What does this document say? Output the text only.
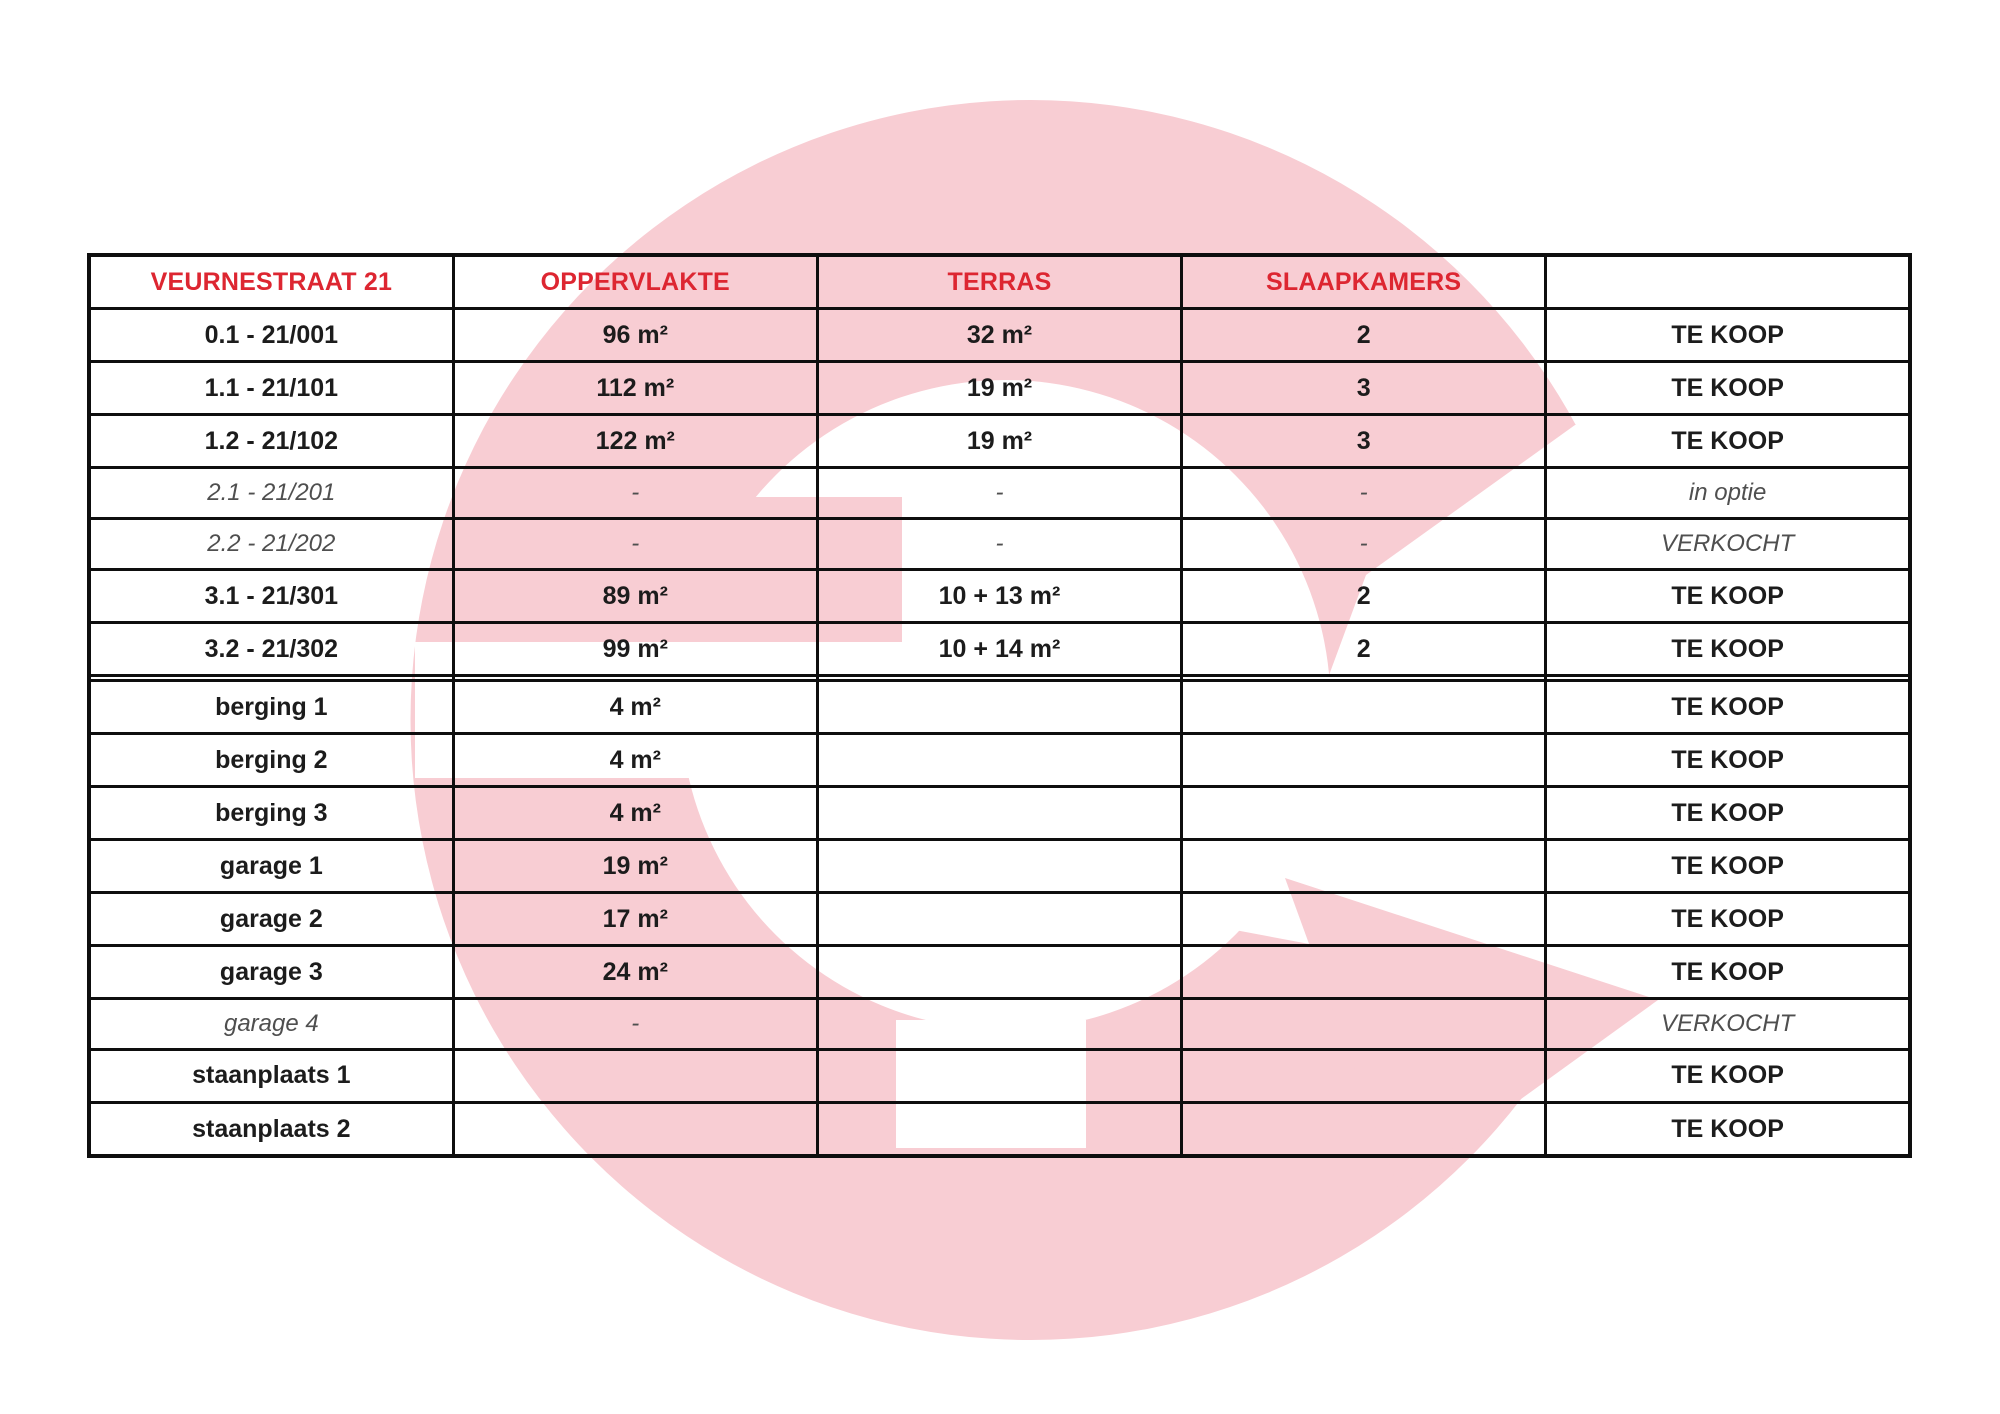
VEURNESTRAAT 21	OPPERVLAKTE	TERRAS	SLAAPKAMERS	
0.1 - 21/001	96 m²	32 m²	2	TE KOOP
1.1 - 21/101	112 m²	19 m²	3	TE KOOP
1.2 - 21/102	122 m²	19 m²	3	TE KOOP
2.1 - 21/201	-	-	-	in optie
2.2 - 21/202	-	-	-	VERKOCHT
3.1 - 21/301	89 m²	10 + 13 m²	2	TE KOOP
3.2 - 21/302	99 m²	10 + 14 m²	2	TE KOOP

berging 1	4 m²			TE KOOP
berging 2	4 m²			TE KOOP
berging 3	4 m²			TE KOOP
garage 1	19 m²			TE KOOP
garage 2	17 m²			TE KOOP
garage 3	24 m²			TE KOOP
garage 4	-			VERKOCHT
staanplaats 1				TE KOOP
staanplaats 2				TE KOOP
